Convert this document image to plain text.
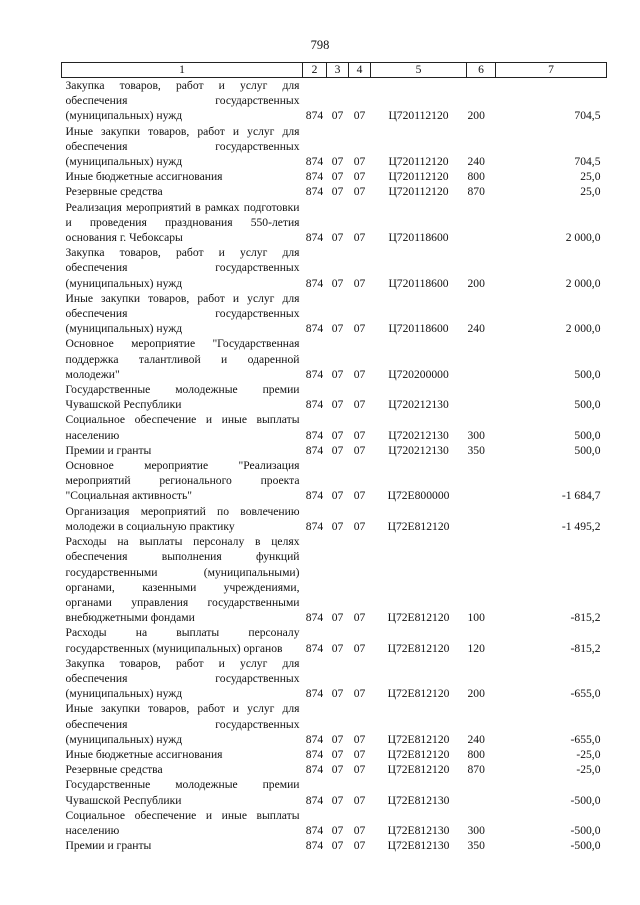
798
1	2	3	4	5	6	7
Закупка товаров, работ и услуг для обеспечения государственных (муниципальных) нужд	874	07	07	Ц720112120	200	704,5
Иные закупки товаров, работ и услуг для обеспечения государственных (муниципальных) нужд	874	07	07	Ц720112120	240	704,5
Иные бюджетные ассигнования	874	07	07	Ц720112120	800	25,0
Резервные средства	874	07	07	Ц720112120	870	25,0
Реализация мероприятий в рамках подготовки и проведения празднования 550-летия основания г. Чебоксары	874	07	07	Ц720118600		2 000,0
Закупка товаров, работ и услуг для обеспечения государственных (муниципальных) нужд	874	07	07	Ц720118600	200	2 000,0
Иные закупки товаров, работ и услуг для обеспечения государственных (муниципальных) нужд	874	07	07	Ц720118600	240	2 000,0
Основное мероприятие "Государственная поддержка талантливой и одаренной молодежи"	874	07	07	Ц720200000		500,0
Государственные молодежные премии Чувашской Республики	874	07	07	Ц720212130		500,0
Социальное обеспечение и иные выплаты населению	874	07	07	Ц720212130	300	500,0
Премии и гранты	874	07	07	Ц720212130	350	500,0
Основное мероприятие "Реализация мероприятий регионального проекта "Социальная активность"	874	07	07	Ц72Е800000		-1 684,7
Организация мероприятий по вовлечению молодежи в социальную практику	874	07	07	Ц72Е812120		-1 495,2
Расходы на выплаты персоналу в целях обеспечения выполнения функций государственными (муниципальными) органами, казенными учреждениями, органами управления государственными внебюджетными фондами	874	07	07	Ц72Е812120	100	-815,2
Расходы на выплаты персоналу государственных (муниципальных) органов	874	07	07	Ц72Е812120	120	-815,2
Закупка товаров, работ и услуг для обеспечения государственных (муниципальных) нужд	874	07	07	Ц72Е812120	200	-655,0
Иные закупки товаров, работ и услуг для обеспечения государственных (муниципальных) нужд	874	07	07	Ц72Е812120	240	-655,0
Иные бюджетные ассигнования	874	07	07	Ц72Е812120	800	-25,0
Резервные средства	874	07	07	Ц72Е812120	870	-25,0
Государственные молодежные премии Чувашской Республики	874	07	07	Ц72Е812130		-500,0
Социальное обеспечение и иные выплаты населению	874	07	07	Ц72Е812130	300	-500,0
Премии и гранты	874	07	07	Ц72Е812130	350	-500,0
